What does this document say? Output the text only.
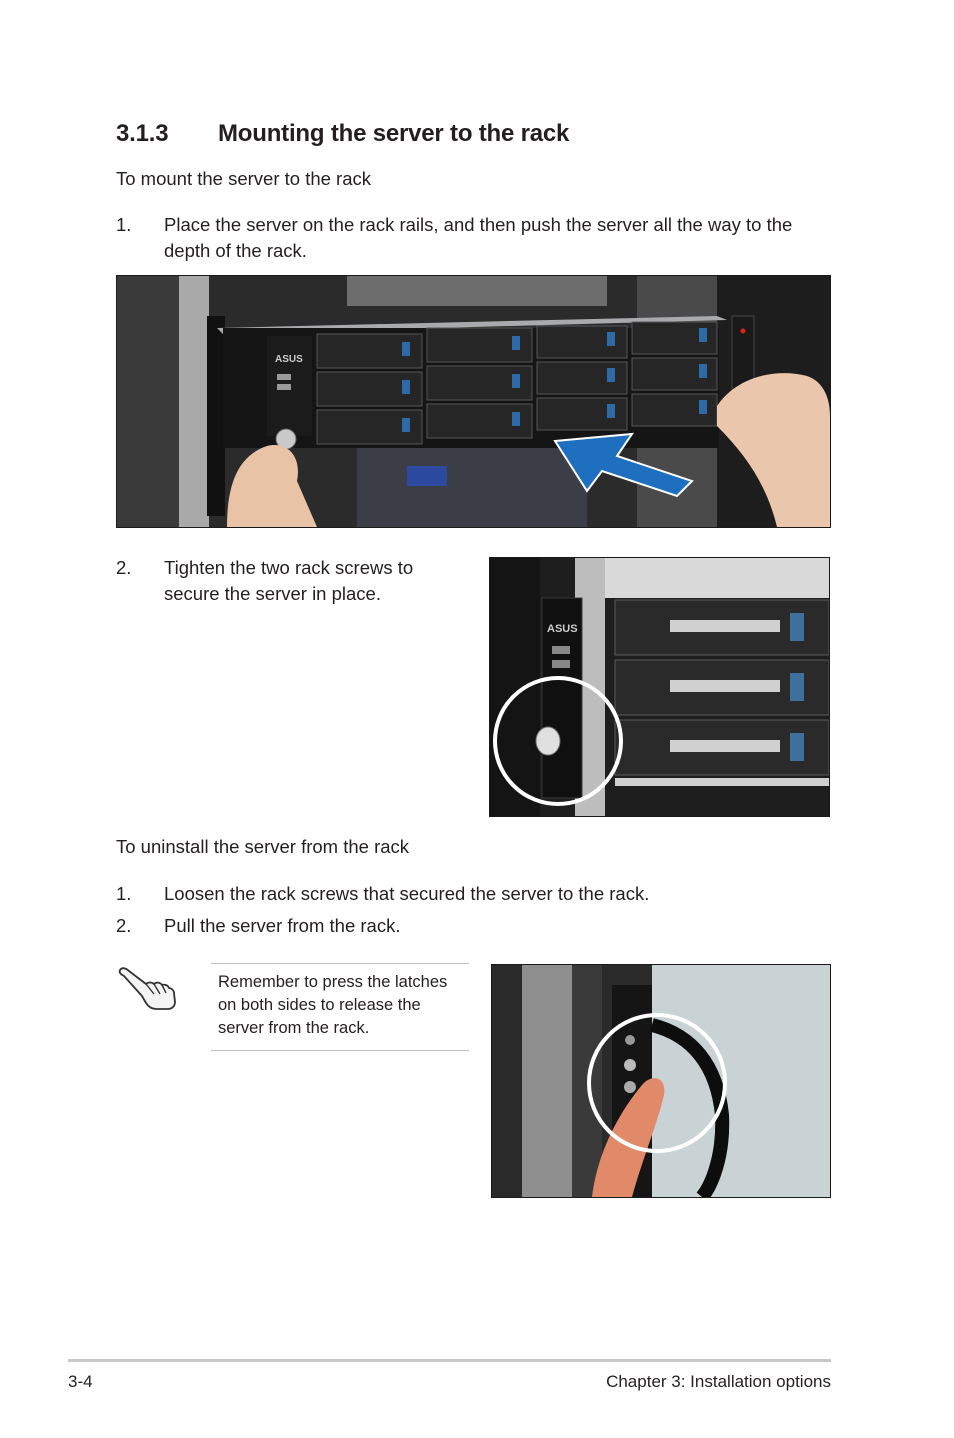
3.1.3 Mounting the server to the rack
To mount the server to the rack
1. Place the server on the rack rails, and then push the server all the way to the
depth of the rack.
ASUS
2. Tighten the two rack screws to
secure the server in place.
ASUS
To uninstall the server from the rack
1. Loosen the rack screws that secured the server to the rack.
2. Pull the server from the rack.
Remember to press the latches
on both sides to release the
server from the rack.
3-4	Chapter 3: Installation options
